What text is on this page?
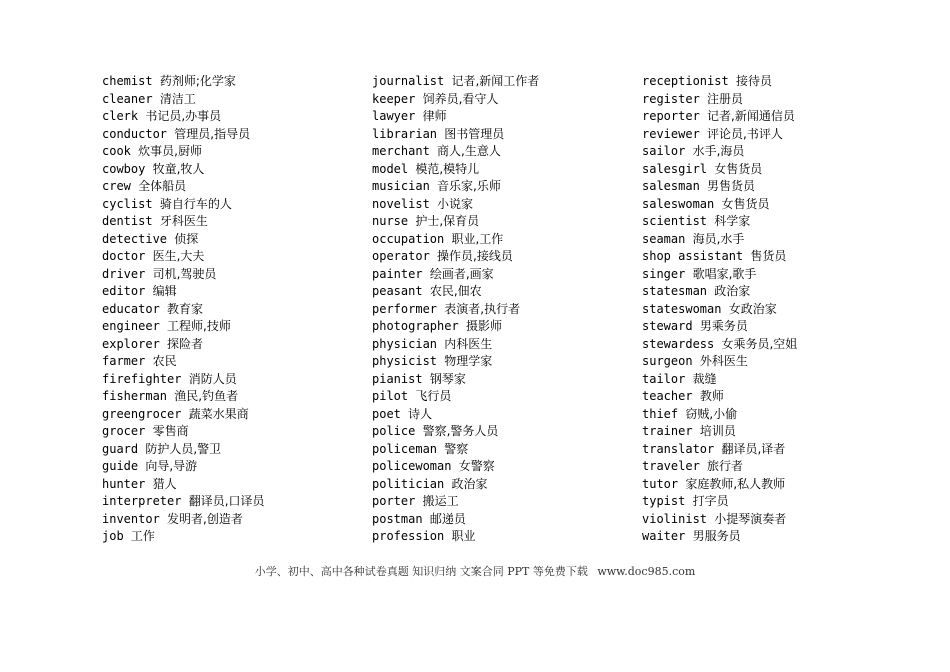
chemist 药剂师;化学家
cleaner 清洁工
clerk 书记员,办事员
conductor 管理员,指导员
cook 炊事员,厨师
cowboy 牧童,牧人
crew 全体船员
cyclist 骑自行车的人
dentist 牙科医生
detective 侦探
doctor 医生,大夫
driver 司机,驾驶员
editor 编辑
educator 教育家
engineer 工程师,技师
explorer 探险者
farmer 农民
firefighter 消防人员
fisherman 渔民,钓鱼者
greengrocer 蔬菜水果商
grocer 零售商
guard 防护人员,警卫
guide 向导,导游
hunter 猎人
interpreter 翻译员,口译员
inventor 发明者,创造者
job 工作
journalist 记者,新闻工作者
keeper 饲养员,看守人
lawyer 律师
librarian 图书管理员
merchant 商人,生意人
model 模范,模特儿
musician 音乐家,乐师
novelist 小说家
nurse 护士,保育员
occupation 职业,工作
operator 操作员,接线员
painter 绘画者,画家
peasant 农民,佃农
performer 表演者,执行者
photographer 摄影师
physician 内科医生
physicist 物理学家
pianist 钢琴家
pilot 飞行员
poet 诗人
police 警察,警务人员
policeman 警察
policewoman 女警察
politician 政治家
porter 搬运工
postman 邮递员
profession 职业
receptionist 接待员
register 注册员
reporter 记者,新闻通信员
reviewer 评论员,书评人
sailor 水手,海员
salesgirl 女售货员
salesman 男售货员
saleswoman 女售货员
scientist 科学家
seaman 海员,水手
shop assistant 售货员
singer 歌唱家,歌手
statesman 政治家
stateswoman 女政治家
steward 男乘务员
stewardess 女乘务员,空姐
surgeon 外科医生
tailor 裁缝
teacher 教师
thief 窃贼,小偷
trainer 培训员
translator 翻译员,译者
traveler 旅行者
tutor 家庭教师,私人教师
typist 打字员
violinist 小提琴演奏者
waiter 男服务员
小学、初中、高中各种试卷真题 知识归纳 文案合同 PPT 等免费下载 www.doc985.com
